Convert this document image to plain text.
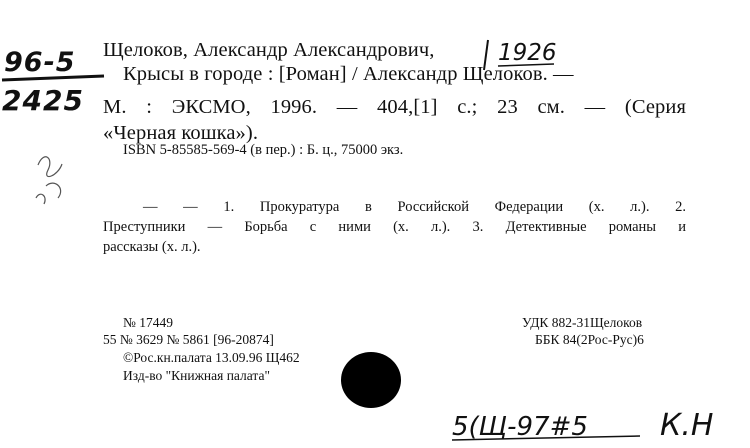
96-5
2425
1926
Щелоков, Александр Александрович,
Крысы в городе : [Роман] / Александр Щелоков. —
М. : ЭКСМО, 1996. — 404,[1] с.; 23 см. — (Серия
«Черная кошка»).
ISBN 5-85585-569-4 (в пер.) : Б. ц., 75000 экз.
— — 1. Прокуратура в Российской Федерации (х. л.). 2.
Преступники — Борьба с ними (х. л.). 3. Детективные романы и
рассказы (х. л.).
№ 17449
55 № 3629 № 5861 [96-20874]
©Рос.кн.палата 13.09.96 Щ462
Изд-во "Книжная палата"
УДК 882-31Щелоков
ББК 84(2Рос-Рус)6
5(Щ-97#5 К.Н
